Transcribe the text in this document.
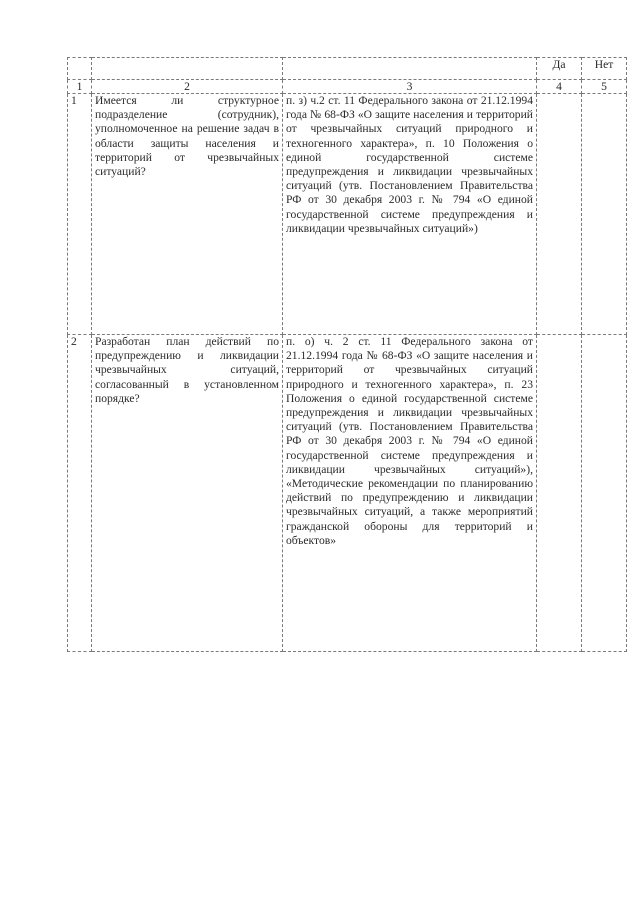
			Да	Нет
1	2	3	4	5
1	Имеется ли структурное подразделение (сотрудник), уполномоченное на решение задач в области защиты населения и территорий от чрезвычайных ситуаций?	п. з) ч.2 ст. 11 Федерального закона от 21.12.1994 года № 68-ФЗ «О защите населения и территорий от чрезвычайных ситуаций природного и техногенного характера», п. 10 Положения о единой государственной системе предупреждения и ликвидации чрезвычайных ситуаций (утв. Постановлением Правительства РФ от 30 декабря 2003 г. № 794 «О единой государственной системе предупреждения и ликвидации чрезвычайных ситуаций»)		
2	Разработан план действий по предупреждению и ликвидации чрезвычайных ситуаций, согласованный в установленном порядке?	п. о) ч. 2 ст. 11 Федерального закона от 21.12.1994 года № 68-ФЗ «О защите населения и территорий от чрезвычайных ситуаций природного и техногенного характера», п. 23 Положения о единой государственной системе предупреждения и ликвидации чрезвычайных ситуаций (утв. Постановлением Правительства РФ от 30 декабря 2003 г. № 794 «О единой государственной системе предупреждения и ликвидации чрезвычайных ситуаций»), «Методические рекомендации по планированию действий по предупреждению и ликвидации чрезвычайных ситуаций, а также мероприятий гражданской обороны для территорий и объектов»		
